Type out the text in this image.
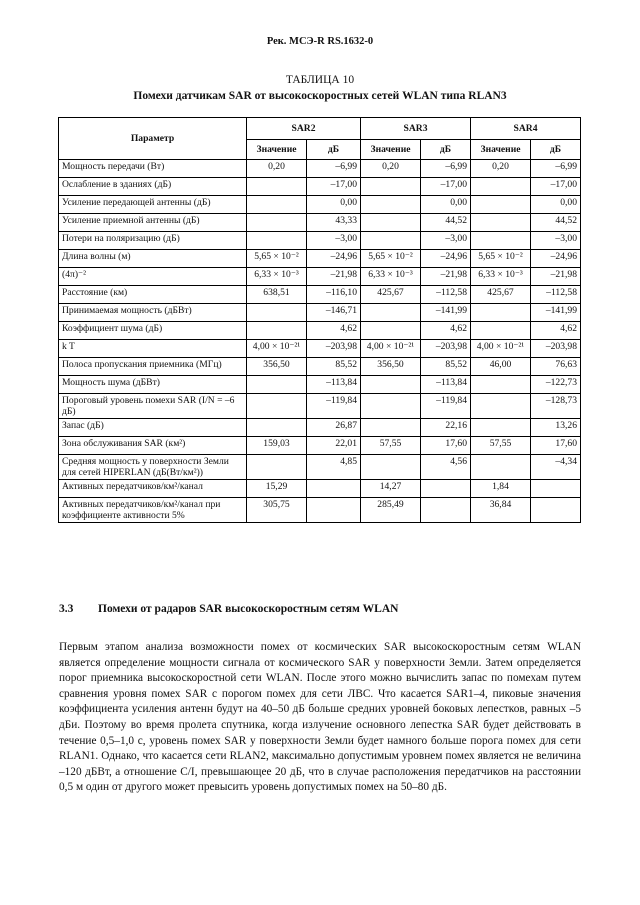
Рек. МСЭ-R RS.1632-0
ТАБЛИЦА 10
Помехи датчикам SAR от высокоскоростных сетей WLAN типа RLAN3
Параметр	SAR2		SAR3		SAR4	
	Значение	дБ	Значение	дБ	Значение	дБ
Мощность передачи (Вт)	0,20	–6,99	0,20	–6,99	0,20	–6,99
Ослабление в зданиях (дБ)		–17,00		–17,00		–17,00
Усиление передающей антенны (дБ)		0,00		0,00		0,00
Усиление приемной антенны (дБ)		43,33		44,52		44,52
Потери на поляризацию (дБ)		–3,00		–3,00		–3,00
Длина волны (м)	5,65 × 10⁻²	–24,96	5,65 × 10⁻²	–24,96	5,65 × 10⁻²	–24,96
(4π)⁻²	6,33 × 10⁻³	–21,98	6,33 × 10⁻³	–21,98	6,33 × 10⁻³	–21,98
Расстояние (км)	638,51	–116,10	425,67	–112,58	425,67	–112,58
Принимаемая мощность (дБВт)		–146,71		–141,99		–141,99
Коэффициент шума (дБ)		4,62		4,62		4,62
k T	4,00 × 10⁻²¹	–203,98	4,00 × 10⁻²¹	–203,98	4,00 × 10⁻²¹	–203,98
Полоса пропускания приемника (МГц)	356,50	85,52	356,50	85,52	46,00	76,63
Мощность шума (дБВт)		–113,84		–113,84		–122,73
Пороговый уровень помехи SAR (I/N = –6 дБ)		–119,84		–119,84		–128,73
Запас (дБ)		26,87		22,16		13,26
Зона обслуживания SAR (км²)	159,03	22,01	57,55	17,60	57,55	17,60
Средняя мощность у поверхности Земли для сетей HIPERLAN (дБ(Вт/км²))		4,85		4,56		–4,34
Активных передатчиков/км²/канал	15,29		14,27		1,84	
Активных передатчиков/км²/канал при коэффициенте активности 5%	305,75		285,49		36,84	
3.3 Помехи от радаров SAR высокоскоростным сетям WLAN

Первым этапом анализа возможности помех от космических SAR высокоскоростным сетям WLAN является определение мощности сигнала от космического SAR у поверхности Земли. Затем определяется порог приемника высокоскоростной сети WLAN. После этого можно вычислить запас по помехам путем сравнения уровня помех SAR с порогом помех для сети ЛВС. Что касается SAR1–4, пиковые значения коэффициента усиления антенн будут на 40–50 дБ больше средних уровней боковых лепестков, равных –5 дБи. Поэтому во время пролета спутника, когда излучение основного лепестка SAR будет действовать в течение 0,5–1,0 с, уровень помех SAR у поверхности Земли будет намного больше порога помех для сети RLAN1. Однако, что касается сети RLAN2, максимально допустимым уровнем помех является не величина –120 дБВт, а отношение C/I, превышающее 20 дБ, что в случае расположения передатчиков на расстоянии 0,5 м один от другого может превысить уровень допустимых помех на 50–80 дБ.
